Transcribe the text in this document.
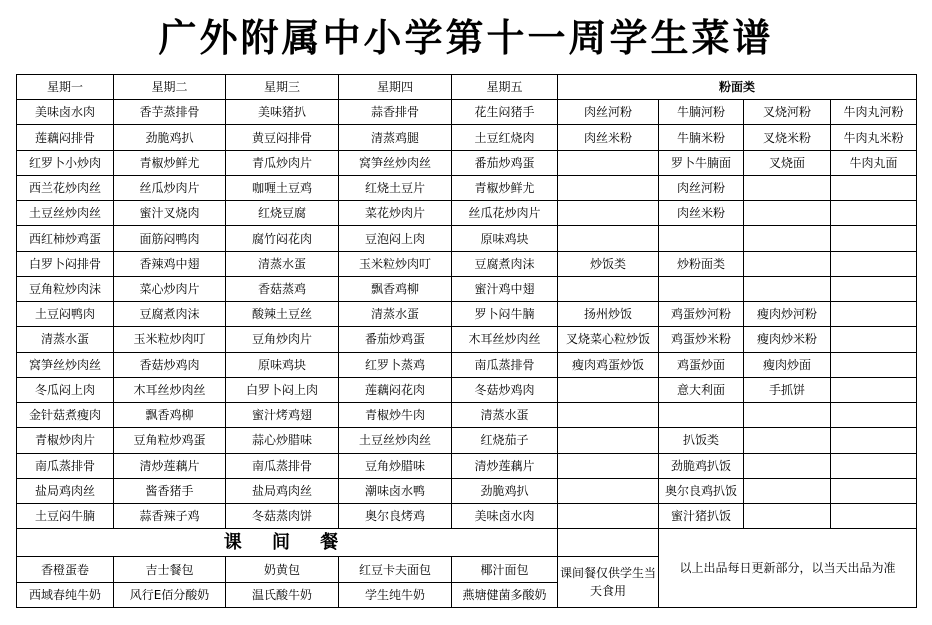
广外附属中小学第十一周学生菜谱
星期一	星期二	星期三	星期四	星期五	粉面类			
美味卤水肉	香芋蒸排骨	美味猪扒	蒜香排骨	花生闷猪手	肉丝河粉	牛腩河粉	叉烧河粉	牛肉丸河粉
莲藕闷排骨	劲脆鸡扒	黄豆闷排骨	清蒸鸡腿	土豆红烧肉	肉丝米粉	牛腩米粉	叉烧米粉	牛肉丸米粉
红罗卜小炒肉	青椒炒鲜尤	青瓜炒肉片	窝笋丝炒肉丝	番茄炒鸡蛋		罗卜牛腩面	叉烧面	牛肉丸面
西兰花炒肉丝	丝瓜炒肉片	咖喱土豆鸡	红烧土豆片	青椒炒鲜尤		肉丝河粉		
土豆丝炒肉丝	蜜汁叉烧肉	红烧豆腐	菜花炒肉片	丝瓜花炒肉片		肉丝米粉		
西红柿炒鸡蛋	面筋闷鸭肉	腐竹闷花肉	豆泡闷上肉	原味鸡块				
白罗卜闷排骨	香辣鸡中翅	清蒸水蛋	玉米粒炒肉叮	豆腐煮肉沫	炒饭类	炒粉面类		
豆角粒炒肉沫	菜心炒肉片	香菇蒸鸡	飘香鸡柳	蜜汁鸡中翅				
土豆闷鸭肉	豆腐煮肉沫	酸辣土豆丝	清蒸水蛋	罗卜闷牛腩	扬州炒饭	鸡蛋炒河粉	瘦肉炒河粉	
清蒸水蛋	玉米粒炒肉叮	豆角炒肉片	番茄炒鸡蛋	木耳丝炒肉丝	叉烧菜心粒炒饭	鸡蛋炒米粉	瘦肉炒米粉	
窝笋丝炒肉丝	香菇炒鸡肉	原味鸡块	红罗卜蒸鸡	南瓜蒸排骨	瘦肉鸡蛋炒饭	鸡蛋炒面	瘦肉炒面	
冬瓜闷上肉	木耳丝炒肉丝	白罗卜闷上肉	莲藕闷花肉	冬菇炒鸡肉		意大利面	手抓饼	
金针菇煮瘦肉	飘香鸡柳	蜜汁烤鸡翅	青椒炒牛肉	清蒸水蛋				
青椒炒肉片	豆角粒炒鸡蛋	蒜心炒腊味	土豆丝炒肉丝	红烧茄子		扒饭类		
南瓜蒸排骨	清炒莲藕片	南瓜蒸排骨	豆角炒腊味	清炒莲藕片		劲脆鸡扒饭		
盐局鸡肉丝	酱香猪手	盐局鸡肉丝	潮味卤水鸭	劲脆鸡扒		奥尔良鸡扒饭		
土豆闷牛腩	蒜香辣子鸡	冬菇蒸肉饼	奥尔良烤鸡	美味卤水肉		蜜汁猪扒饭		
课 间 餐						以上出品每日更新部分，以当天出品为准		
香橙蛋卷	吉士餐包	奶黄包	红豆卡夫面包	椰汁面包	课间餐仅供学生当天食用			
西域春纯牛奶	风行E佰分酸奶	温氏酸牛奶	学生纯牛奶	燕塘健菌多酸奶				
